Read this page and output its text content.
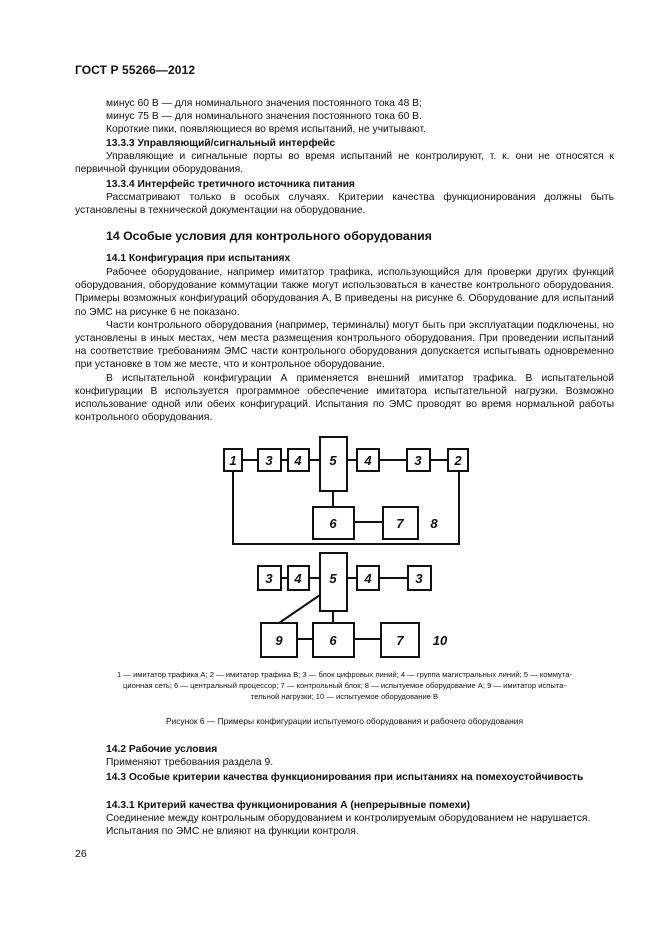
ГОСТ Р 55266—2012

минус 60 В — для номинального значения постоянного тока 48 В;

минус 75 В — для номинального значения постоянного тока 60 В.

Короткие пики, появляющиеся во время испытаний, не учитывают.

13.3.3 Управляющий/сигнальный интерфейс

Управляющие и сигнальные порты во время испытаний не контролируют, т. к. они не относятся к первичной функции оборудования.

13.3.4 Интерфейс третичного источника питания

Рассматривают только в особых случаях. Критерии качества функционирования должны быть установлены в технической документации на оборудование.

14 Особые условия для контрольного оборудования

14.1 Конфигурация при испытаниях

Рабочее оборудование, например имитатор трафика, использующийся для проверки других функций оборудования, оборудование коммутации также могут использоваться в качестве контрольного оборудования. Примеры возможных конфигураций оборудования А, В приведены на рисунке 6. Оборудование для испытаний по ЭМС на рисунке 6 не показано.

Части контрольного оборудования (например, терминалы) могут быть при эксплуатации подключены, но установлены в иных местах, чем места размещения контрольного оборудования. При проведении испытаний на соответствие требованиям ЭМС части контрольного оборудования допускается испытывать одновременно при установке в том же месте, что и контрольное оборудование.

В испытательной конфигурации А применяется внешний имитатор трафика. В испытательной конфигурации В используется программное обеспечение имитатора испытательной нагрузки. Возможно использование одной или обеих конфигураций. Испытания по ЭМС проводят во время нормальной работы контрольного оборудования.

1 3 4 5 4	3	2
6	7 8
3 4 5 4	3
9	6	7 10
1 — имитатор трафика А; 2 — имитатор трафика В; 3 — блок цифровых линий; 4 — группа магистральных линий; 5 — коммута-
ционная сеть; 6 — центральный процессор; 7 — контрольный блок; 8 — испытуемое оборудование А; 9 — имитатор испыта-
тельной нагрузки; 10 — испытуемое оборудование В
Рисунок 6 — Примеры конфигурации испытуемого оборудования и рабочего оборудования

14.2 Рабочие условия

Применяют требования раздела 9.

14.3 Особые критерии качества функционирования при испытаниях на помехоустойчивость

14.3.1 Критерий качества функционирования А (непрерывные помехи)

Соединение между контрольным оборудованием и контролируемым оборудованием не нарушается.

Испытания по ЭМС не влияют на функции контроля.

26
